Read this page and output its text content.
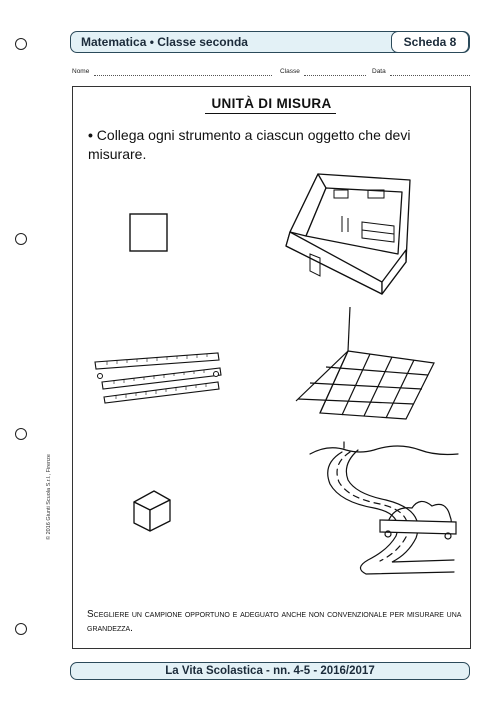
Matematica • Classe seconda	Scheda 8
Nome	Classe	Data
UNITÀ DI MISURA
• Collega ogni strumento a ciascun oggetto che devi misurare.
Scegliere un campione opportuno e adeguato anche non convenzionale per misurare una grandezza.
© 2016 Giunti Scuola S.r.l., Firenze
La Vita Scolastica - nn. 4-5 - 2016/2017
